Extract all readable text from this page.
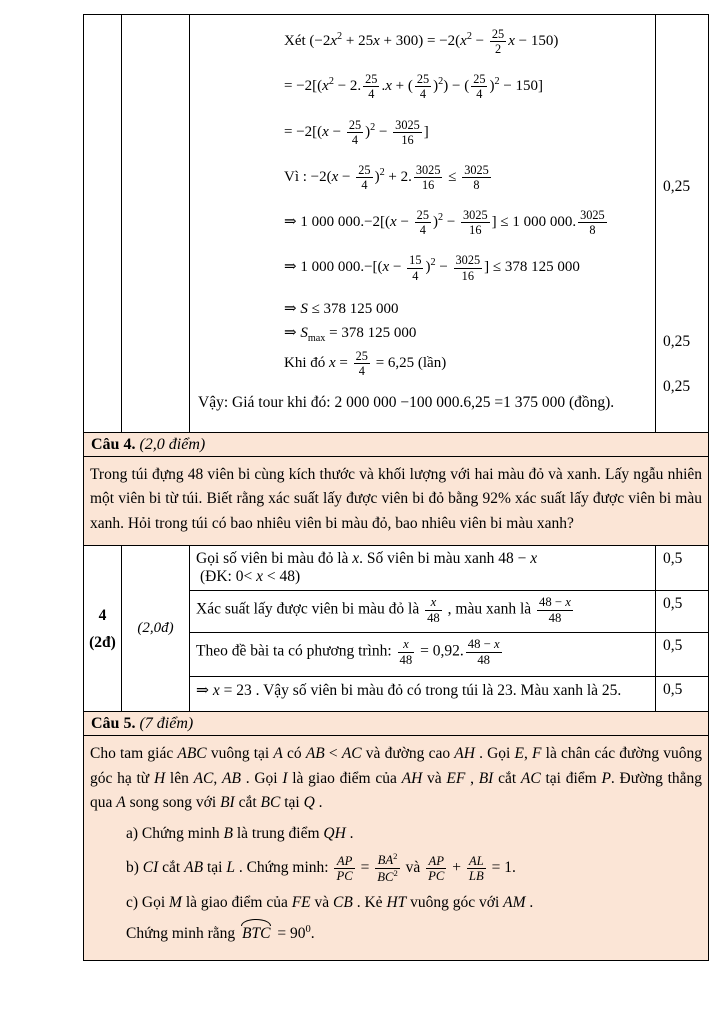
Xét $(-2x^2 + 25x + 300) = -2(x^2 - \frac{25}{2}$ x − 150)
= $-2[(x^2 - 2$. $\frac{25}{4} .x$ + ( $\frac{25}{4} )^2$) − ( $\frac{25}{4} )^2 - 150$]
= $-2[(x - \frac{25}{4} )^2 - \frac{3025}{16}$ ]
Vì : $-2(x - \frac{25}{4} )^2 + 2$. $\frac{3025}{16} \le \frac{3025}{8}$
⇒ 1 000 $000.-2[(x - \frac{25}{4} )^2 - \frac{3025}{16}$ ] ≤ 1 000 000. $\frac{3025}{8}$
⇒ 1 000 $000.-[(x - \frac{15}{4} )^2 - \frac{3025}{16}$ ] ≤ 378 125 000
⇒ S ≤ 378 125 000
⇒ $S_{max} = 378$ 125 000
Khi đó $x = \frac{25}{4} = 6,25$ (lần)
Vậy: Giá tour khi đó: 2 000 000 −100 000.6,25 =1 375 000 (đồng).
0,25
0,25
0,25
Câu 4. (2,0 điểm)
Trong túi đựng 48 viên bi cùng kích thước và khối lượng với hai màu đỏ và xanh. Lấy ngẫu nhiên một viên bi từ túi. Biết rằng xác suất lấy được viên bi đỏ bằng 92% xác suất lấy được viên bi màu xanh. Hỏi trong túi có bao nhiêu viên bi màu đỏ, bao nhiêu viên bi màu xanh?
4
(2đ)
(2,0đ)
Gọi số viên bi màu đỏ là x. Số viên bi màu xanh 48 − x
(ĐK: 0< x < 48)
0,5
Xác suất lấy được viên bi màu đỏ là $\frac{x}{48}$ , màu xanh là $\frac{48 - x}{48}$	0,5
Theo đề bài ta có phương trình: $\frac{x}{48} = 0,92$. $\frac{48 - x}{48}$	0,5
⇒ x = 23 . Vậy số viên bi màu đỏ có trong túi là 23. Màu xanh là 25.	0,5
Câu 5. (7 điểm)
Cho tam giác ABC vuông tại A có AB < AC và đường cao AH . Gọi E, F là chân các đường vuông góc hạ từ H lên AC, AB . Gọi I là giao điểm của AH và EF , BI cắt AC tại điểm P. Đường thẳng qua A song song với BI cắt BC tại Q .
a) Chứng minh B là trung điểm QH .
b) CI cắt AB tại L . Chứng minh: $\frac{AP}{PC} = \frac{BA^2}{BC^2}$ và $\frac{AP}{PC} + \frac{AL}{LB} = 1$.
c) Gọi M là giao điểm của FE và CB . Kẻ HT vuông góc với AM .
Chứng minh rằng BTC = $90^0$.
